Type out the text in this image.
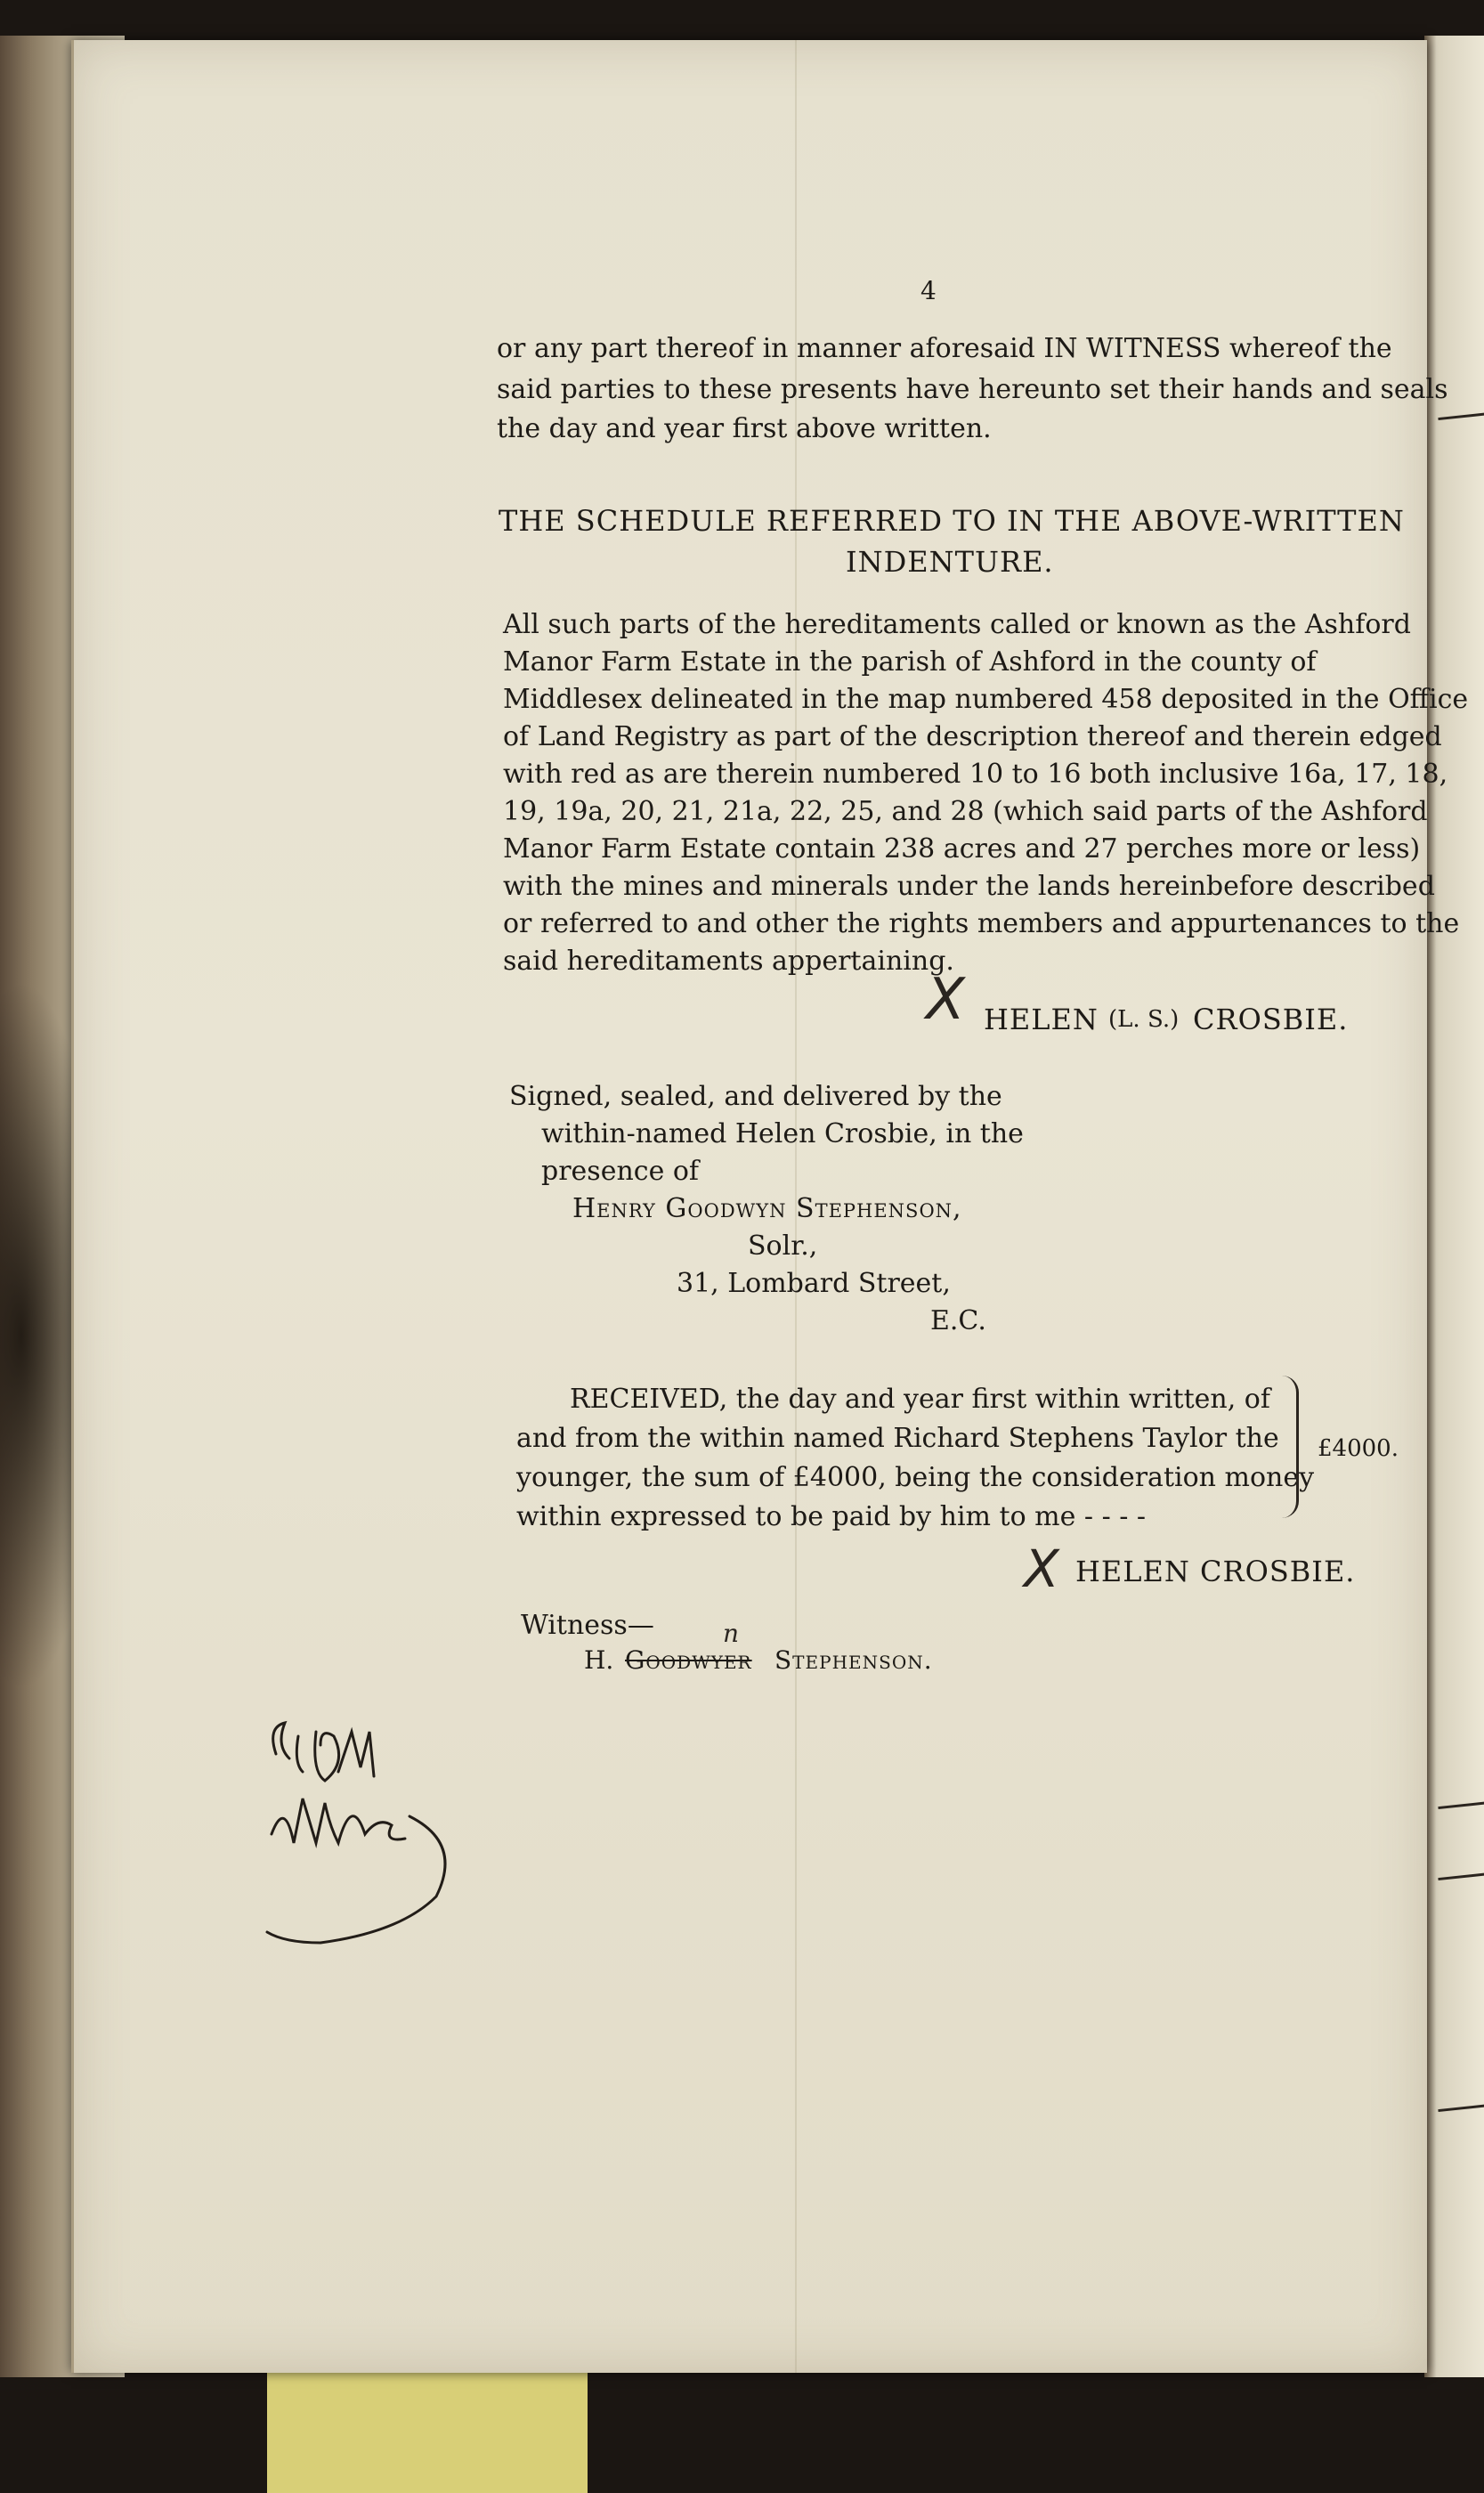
4
or any part thereof in manner aforesaid IN WITNESS whereof the
said parties to these presents have hereunto set their hands and seals
the day and year first above written.
THE SCHEDULE REFERRED TO IN THE ABOVE-WRITTEN
INDENTURE.
All such parts of the hereditaments called or known as the Ashford
Manor Farm Estate in the parish of Ashford in the county of
Middlesex delineated in the map numbered 458 deposited in the Office
of Land Registry as part of the description thereof and therein edged
with red as are therein numbered 10 to 16 both inclusive 16a, 17, 18,
19, 19a, 20, 21, 21a, 22, 25, and 28 (which said parts of the Ashford
Manor Farm Estate contain 238 acres and 27 perches more or less)
with the mines and minerals under the lands hereinbefore described
or referred to and other the rights members and appurtenances to the
said hereditaments appertaining.
X HELEN (L. S.) CROSBIE.
Signed, sealed, and delivered by the
within-named Helen Crosbie, in the
presence of
Henry Goodwyn Stephenson,
Solr.,
31, Lombard Street,
E.C.
RECEIVED, the day and year first within written, of
and from the within named Richard Stephens Taylor the
younger, the sum of £4000, being the consideration money
within expressed to be paid by him to me - - - -
£4000.
X HELEN CROSBIE.
Witness—
H. Goodwyer
n
Stephenson.
